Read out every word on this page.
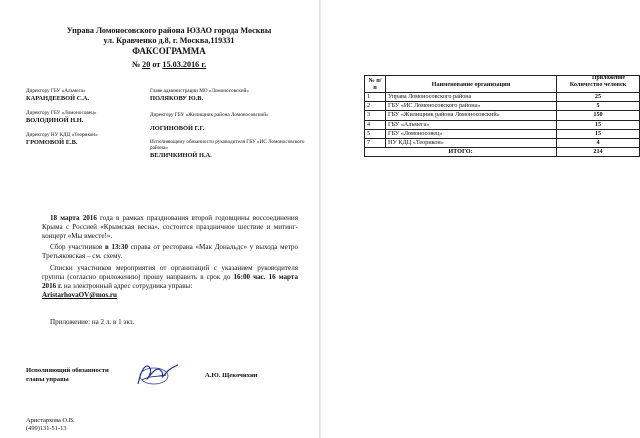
Управа Ломоносовского района ЮЗАО города Москвы
ул. Кравченко д.8, г. Москва,119331
ФАКСОГРАММА
№ 20 от 15.03.2016 г.
Директору ГБУ «Альмега»
КАРАНДЕЕВОЙ С.А.
Директору ГБУ «Ломоносовец»
ВОЛОДИНОЙ Н.Н.
Директору НУ КДЦ «Теорикон»
ГРОМОВОЙ Е.В.
Главе администрации МО «Ломоносовский»
ПОЛЯКОВУ Ю.В.
Директору ГБУ «Жилищник района Ломоносовский»
ЛОГИНОВОЙ Г.Г.
Исполняющему обязанности руководителя ГБУ «ИС Ломоносовского района»
ВЕЛИЧКИНОЙ Н.А.
18 марта 2016 года в рамках празднования второй годовщины воссоединения Крыма с Россией «Крымская весна», состоится праздничное шествие и митинг-концерт «Мы вместе!».
Сбор участников в 13:30 справа от ресторана «Мак Дональдс» у выхода метро Третьяковская – см. схему.
Списки участников мероприятия от организаций с указанием руководителя группы (согласно приложению) прошу направить в срок до 16:00 час. 16 марта 2016 г. на электронный адрес сотрудника управы:
AristarhovaOV@mos.ru
Приложение: на 2 л. в 1 экз.
Исполняющий обязанности
главы управы
А.Ю. Щекочихин
Аристархова О.В.
(499)131-51-13
Приложение
№ п/п	Наименование организации	Количество человек
1	Управа Ломоносовского района	25
2	ГБУ «ИС Ломоносовского района»	5
3	ГБУ «Жилищник района Ломоносовский»	150
4	ГБУ «Альмега»	15
5	ГБУ «Ломоносовец»	15
7	НУ КДЦ «Теорикон»	4
ИТОГО:		214
